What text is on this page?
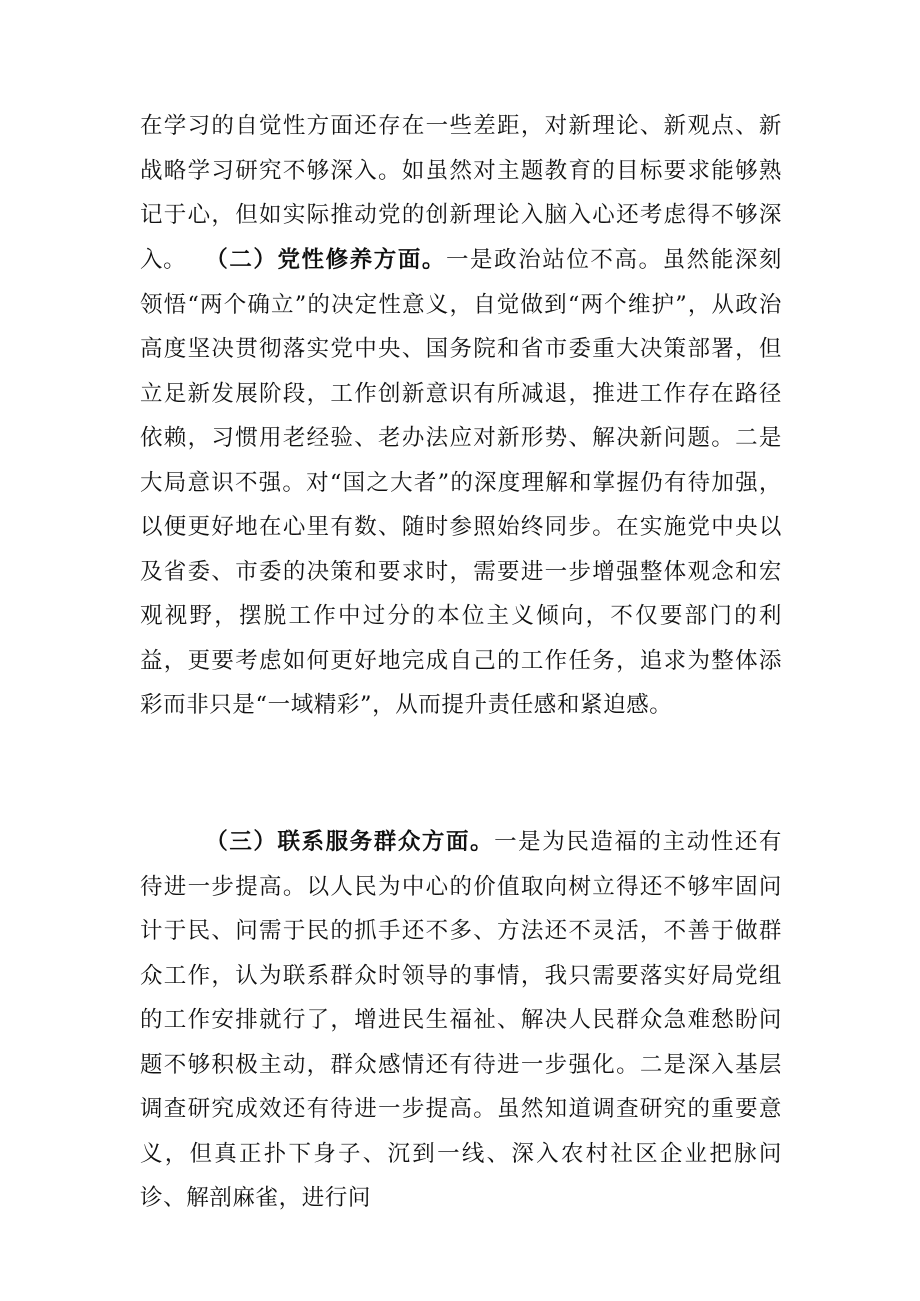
在学习的自觉性方面还存在一些差距，对新理论、新观点、新战略学习研究不够深入。如虽然对主题教育的目标要求能够熟记于心，但如实际推动党的创新理论入脑入心还考虑得不够深入。 （二）党性修养方面。一是政治站位不高。虽然能深刻领悟“两个确立”的决定性意义，自觉做到“两个维护”，从政治高度坚决贯彻落实党中央、国务院和省市委重大决策部署，但立足新发展阶段，工作创新意识有所减退，推进工作存在路径依赖，习惯用老经验、老办法应对新形势、解决新问题。二是大局意识不强。对“国之大者”的深度理解和掌握仍有待加强，以便更好地在心里有数、随时参照始终同步。在实施党中央以及省委、市委的决策和要求时，需要进一步增强整体观念和宏观视野，摆脱工作中过分的本位主义倾向，不仅要部门的利益，更要考虑如何更好地完成自己的工作任务，追求为整体添彩而非只是“一域精彩”，从而提升责任感和紧迫感。

（三）联系服务群众方面。一是为民造福的主动性还有待进一步提高。以人民为中心的价值取向树立得还不够牢固问计于民、问需于民的抓手还不多、方法还不灵活，不善于做群众工作，认为联系群众时领导的事情，我只需要落实好局党组的工作安排就行了，增进民生福祉、解决人民群众急难愁盼问题不够积极主动，群众感情还有待进一步强化。二是深入基层调查研究成效还有待进一步提高。虽然知道调查研究的重要意义，但真正扑下身子、沉到一线、深入农村社区企业把脉问诊、解剖麻雀，进行问
